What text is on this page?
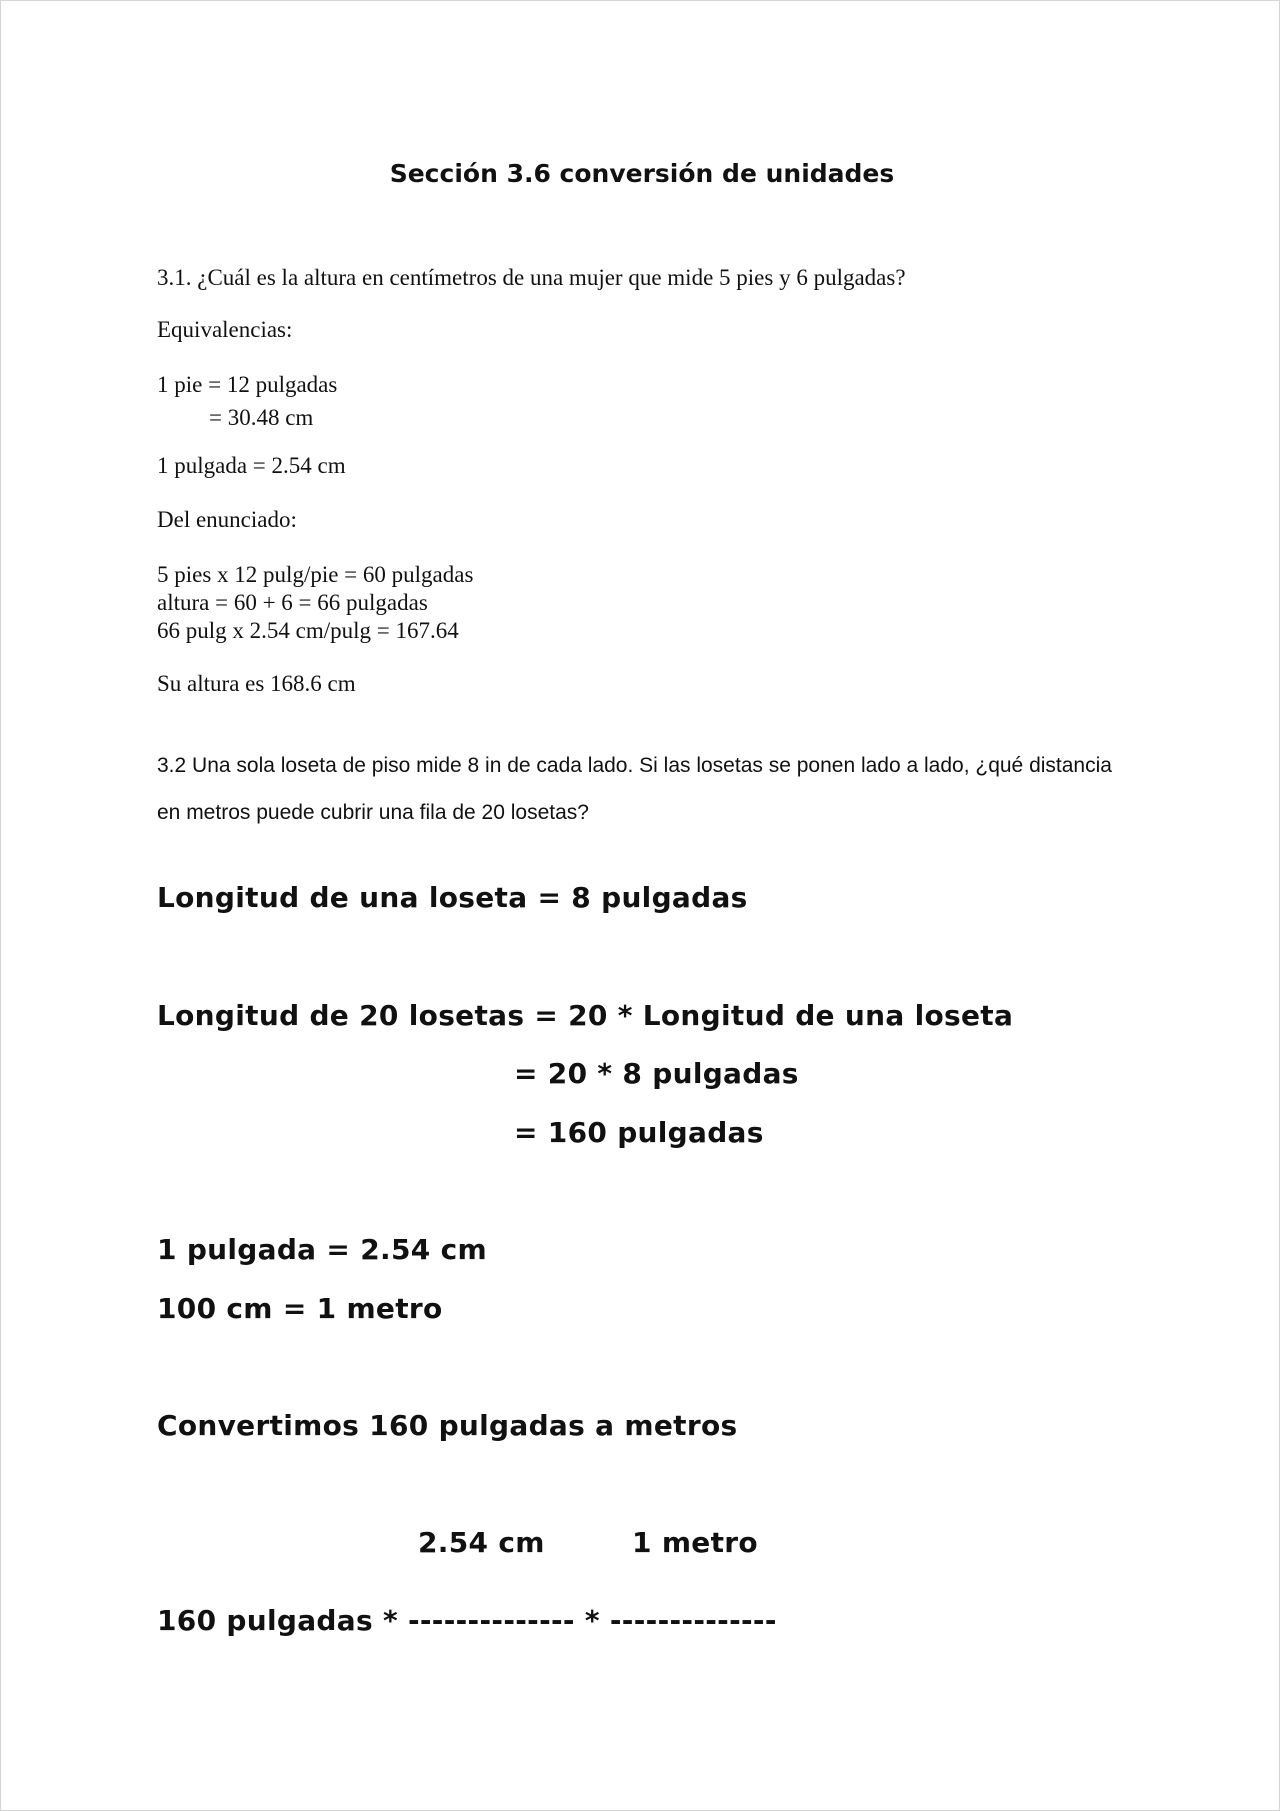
Sección 3.6 conversión de unidades
3.1. ¿Cuál es la altura en centímetros de una mujer que mide 5 pies y 6 pulgadas?
Equivalencias:
1 pie = 12 pulgadas
= 30.48 cm
1 pulgada = 2.54 cm
Del enunciado:
5 pies x 12 pulg/pie = 60 pulgadas
altura = 60 + 6 = 66 pulgadas
66 pulg x 2.54 cm/pulg = 167.64
Su altura es 168.6 cm
3.2 Una sola loseta de piso mide 8 in de cada lado. Si las losetas se ponen lado a lado, ¿qué distancia
en metros puede cubrir una fila de 20 losetas?
Longitud de una loseta = 8 pulgadas
Longitud de 20 losetas = 20 * Longitud de una loseta
= 20 * 8 pulgadas
= 160 pulgadas
1 pulgada = 2.54 cm
100 cm = 1 metro
Convertimos 160 pulgadas a metros
2.54 cm	1 metro
160 pulgadas * -------------- * --------------
